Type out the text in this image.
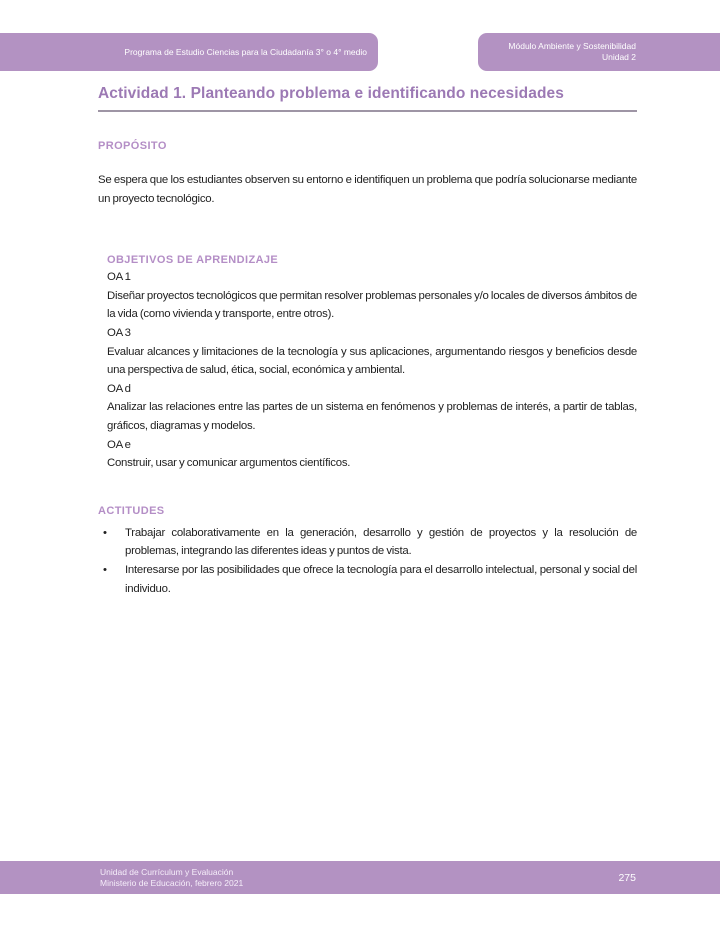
Programa de Estudio Ciencias para la Ciudadanía 3° o 4° medio
Módulo Ambiente y Sostenibilidad
Unidad 2
Actividad 1. Planteando problema e identificando necesidades
PROPÓSITO
Se espera que los estudiantes observen su entorno e identifiquen un problema que podría solucionarse mediante un proyecto tecnológico.
OBJETIVOS DE APRENDIZAJE
OA 1
Diseñar proyectos tecnológicos que permitan resolver problemas personales y/o locales de diversos ámbitos de la vida (como vivienda y transporte, entre otros).
OA 3
Evaluar alcances y limitaciones de la tecnología y sus aplicaciones, argumentando riesgos y beneficios desde una perspectiva de salud, ética, social, económica y ambiental.
OA d
Analizar las relaciones entre las partes de un sistema en fenómenos y problemas de interés, a partir de tablas, gráficos, diagramas y modelos.
OA e
Construir, usar y comunicar argumentos científicos.
ACTITUDES
• Trabajar colaborativamente en la generación, desarrollo y gestión de proyectos y la resolución de problemas, integrando las diferentes ideas y puntos de vista.
• Interesarse por las posibilidades que ofrece la tecnología para el desarrollo intelectual, personal y social del individuo.
Unidad de Currículum y Evaluación
Ministerio de Educación, febrero 2021	275
